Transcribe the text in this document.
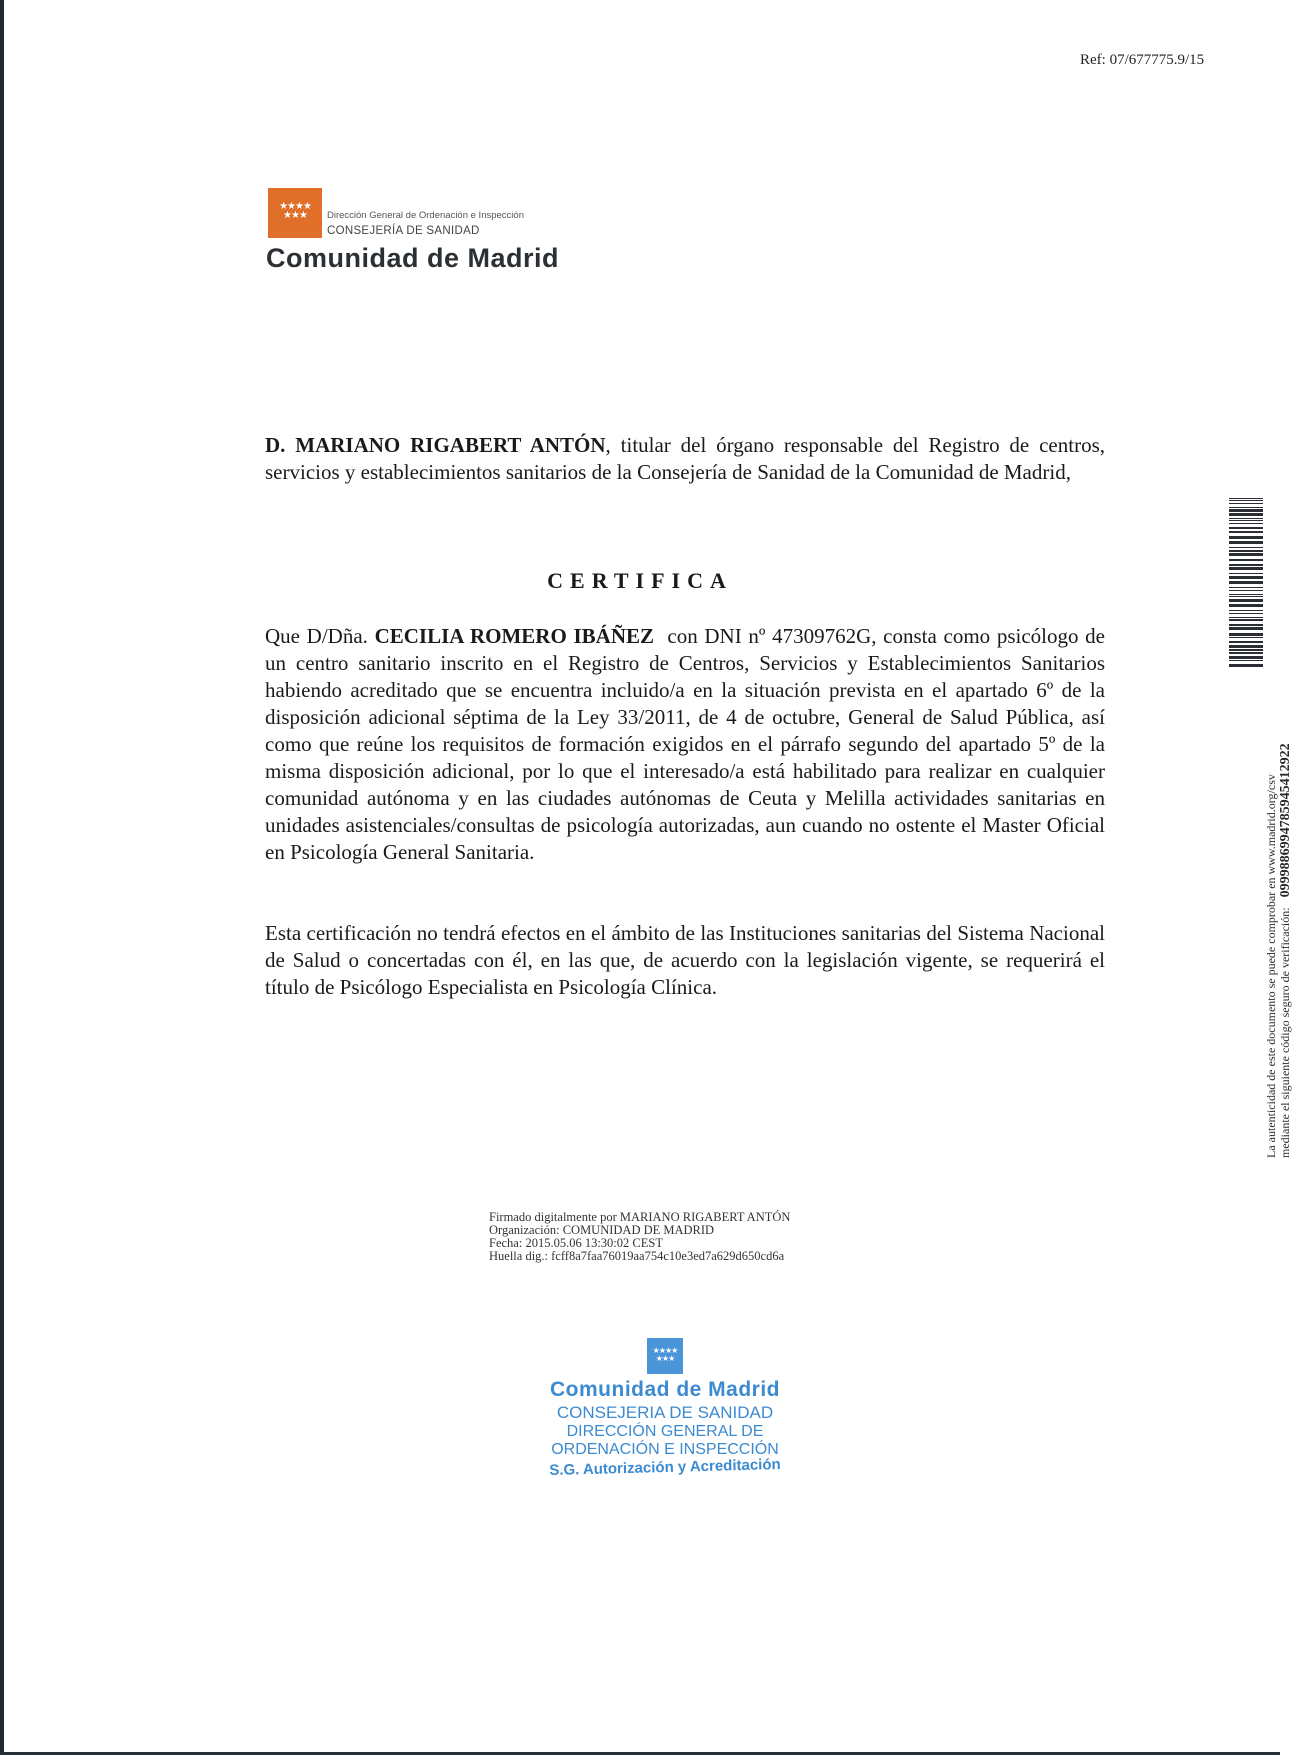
Ref: 07/677775.9/15
★★★★
★★★	Dirección General de Ordenación e Inspección
CONSEJERÍA DE SANIDAD
Comunidad de Madrid

D. MARIANO RIGABERT ANTÓN, titular del órgano responsable del Registro de centros, servicios y establecimientos sanitarios de la Consejería de Sanidad de la Comunidad de Madrid,

CERTIFICA

Que D/Dña. CECILIA ROMERO IBÁÑEZ  con DNI nº 47309762G, consta como psicólogo de un centro sanitario inscrito en el Registro de Centros, Servicios y Establecimientos Sanitarios habiendo acreditado que se encuentra incluido/a en la situación prevista en el apartado 6º de la disposición adicional séptima de la Ley 33/2011, de 4 de octubre, General de Salud Pública, así como que reúne los requisitos de formación exigidos en el párrafo segundo del apartado 5º de la misma disposición adicional, por lo que el interesado/a está habilitado para realizar en cualquier comunidad autónoma y en las ciudades autónomas de Ceuta y Melilla actividades sanitarias en unidades asistenciales/consultas de psicología autorizadas, aun cuando no ostente el Master Oficial en Psicología General Sanitaria.

Esta certificación no tendrá efectos en el ámbito de las Instituciones sanitarias del Sistema Nacional de Salud o concertadas con él, en las que, de acuerdo con la legislación vigente, se requerirá el título de Psicólogo Especialista en Psicología Clínica.

Firmado digitalmente por MARIANO RIGABERT ANTÓN
Organización: COMUNIDAD DE MADRID
Fecha: 2015.05.06 13:30:02 CEST
Huella dig.: fcff8a7faa76019aa754c10e3ed7a629d650cd6a
★★★★
★★★
Comunidad de Madrid
CONSEJERIA DE SANIDAD
DIRECCIÓN GENERAL DE
ORDENACIÓN E INSPECCIÓN
S.G. Autorización y Acreditación
La autenticidad de este documento se puede comprobar en www.madrid.org/csv mediante el siguiente código seguro de verificación:0999886994785945412922
